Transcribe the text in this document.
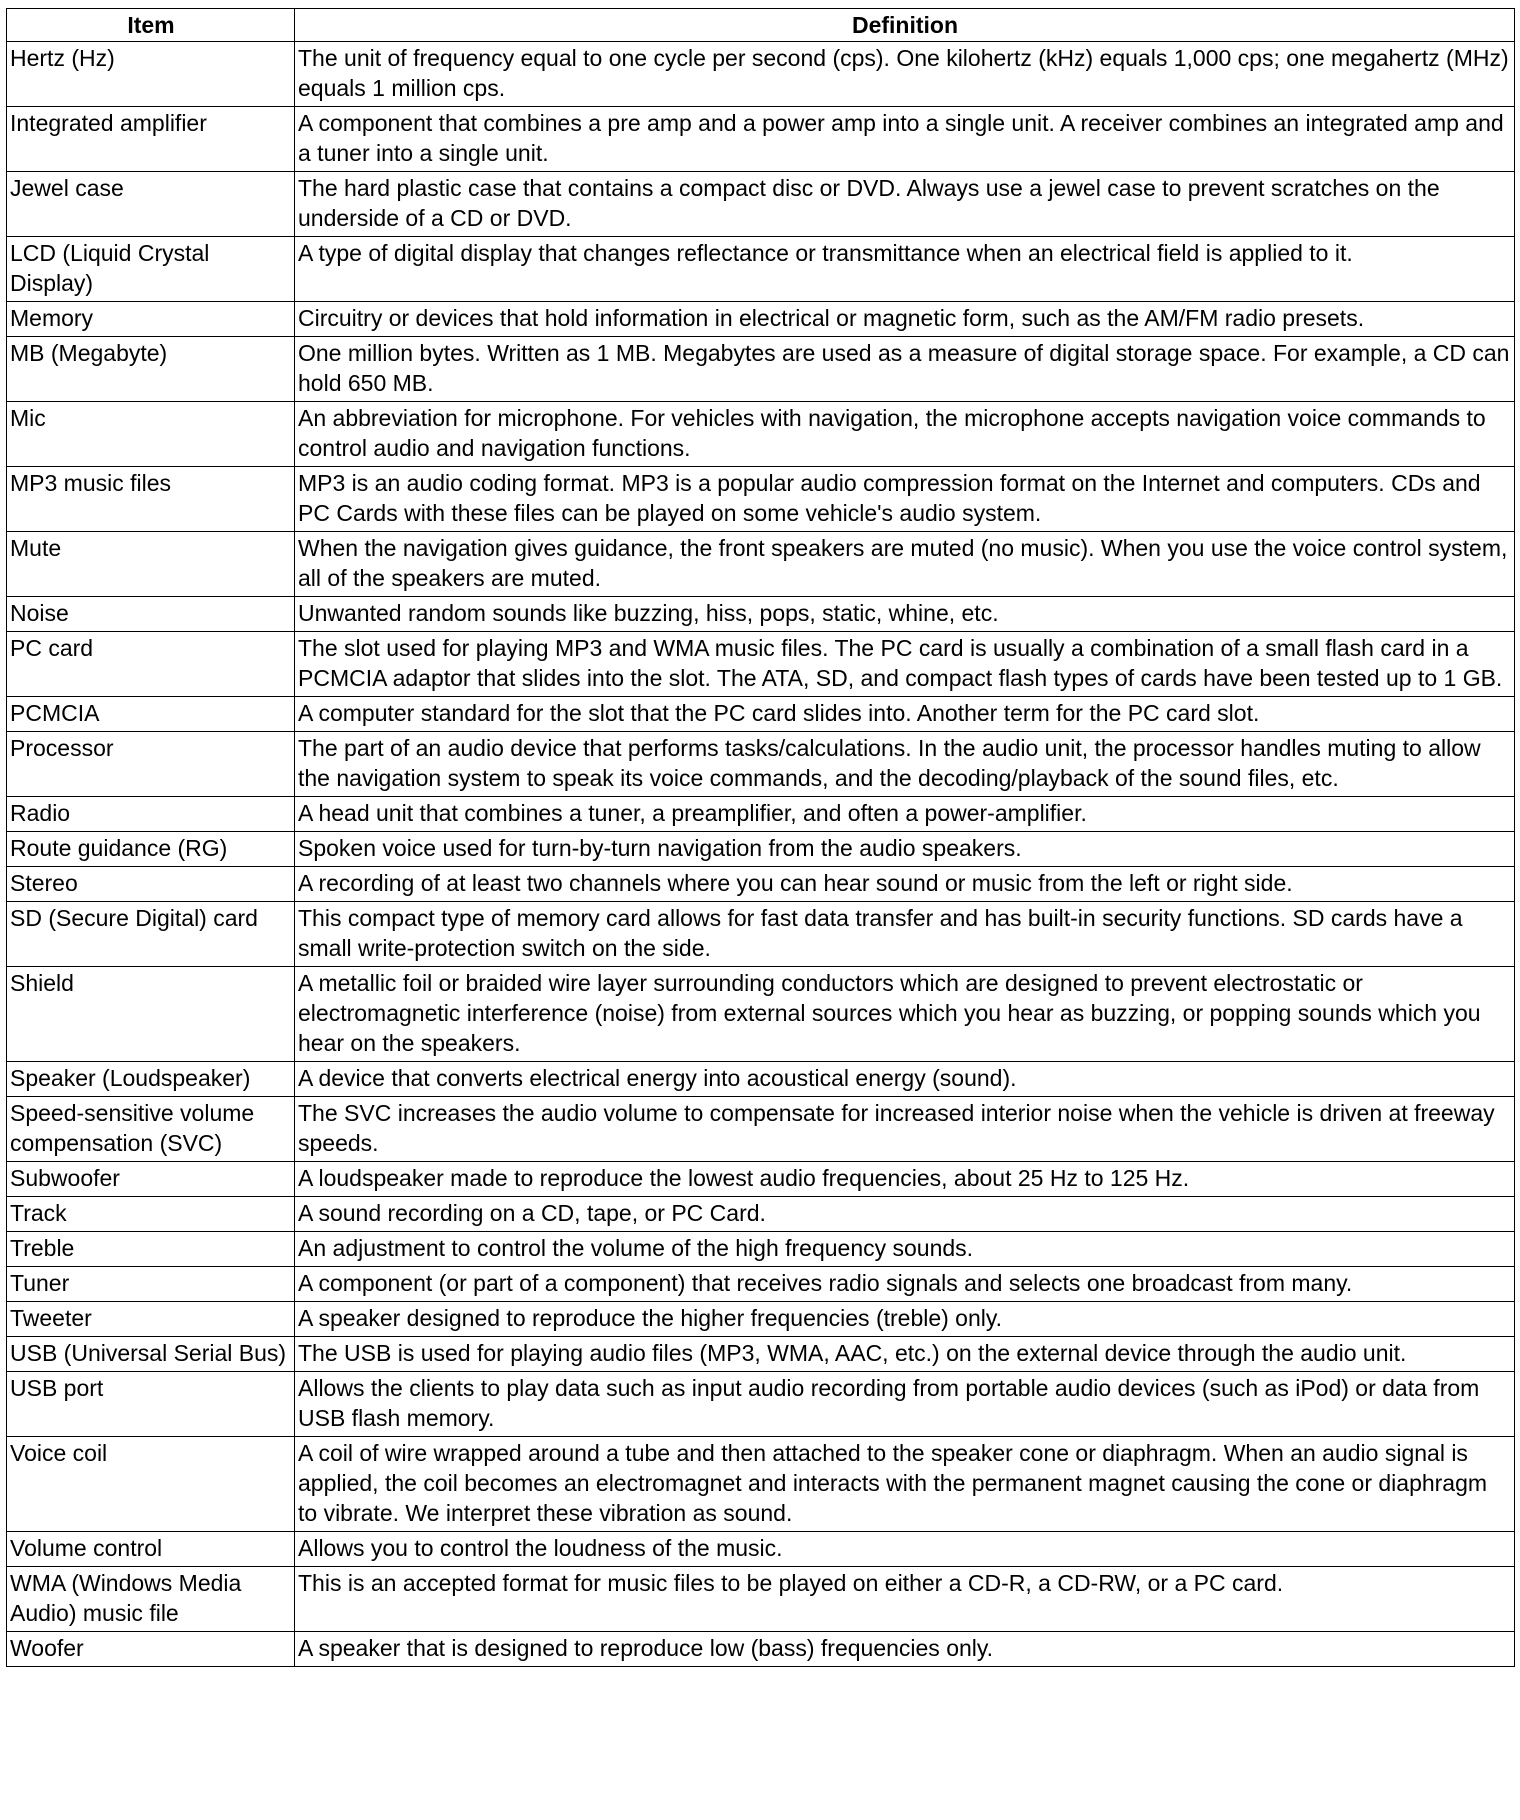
Item	Definition
Hertz (Hz)	The unit of frequency equal to one cycle per second (cps). One kilohertz (kHz) equals 1,000 cps; one megahertz (MHz) equals 1 million cps.
Integrated amplifier	A component that combines a pre amp and a power amp into a single unit. A receiver combines an integrated amp and a tuner into a single unit.
Jewel case	The hard plastic case that contains a compact disc or DVD. Always use a jewel case to prevent scratches on the underside of a CD or DVD.
LCD (Liquid Crystal Display)	A type of digital display that changes reflectance or transmittance when an electrical field is applied to it.
Memory	Circuitry or devices that hold information in electrical or magnetic form, such as the AM/FM radio presets.
MB (Megabyte)	One million bytes. Written as 1 MB. Megabytes are used as a measure of digital storage space. For example, a CD can hold 650 MB.
Mic	An abbreviation for microphone. For vehicles with navigation, the microphone accepts navigation voice commands to control audio and navigation functions.
MP3 music files	MP3 is an audio coding format. MP3 is a popular audio compression format on the Internet and computers. CDs and PC Cards with these files can be played on some vehicle's audio system.
Mute	When the navigation gives guidance, the front speakers are muted (no music). When you use the voice control system, all of the speakers are muted.
Noise	Unwanted random sounds like buzzing, hiss, pops, static, whine, etc.
PC card	The slot used for playing MP3 and WMA music files. The PC card is usually a combination of a small flash card in a PCMCIA adaptor that slides into the slot. The ATA, SD, and compact flash types of cards have been tested up to 1 GB.
PCMCIA	A computer standard for the slot that the PC card slides into. Another term for the PC card slot.
Processor	The part of an audio device that performs tasks/calculations. In the audio unit, the processor handles muting to allow the navigation system to speak its voice commands, and the decoding/playback of the sound files, etc.
Radio	A head unit that combines a tuner, a preamplifier, and often a power-amplifier.
Route guidance (RG)	Spoken voice used for turn-by-turn navigation from the audio speakers.
Stereo	A recording of at least two channels where you can hear sound or music from the left or right side.
SD (Secure Digital) card	This compact type of memory card allows for fast data transfer and has built-in security functions. SD cards have a small write-protection switch on the side.
Shield	A metallic foil or braided wire layer surrounding conductors which are designed to prevent electrostatic or electromagnetic interference (noise) from external sources which you hear as buzzing, or popping sounds which you hear on the speakers.
Speaker (Loudspeaker)	A device that converts electrical energy into acoustical energy (sound).
Speed-sensitive volume compensation (SVC)	The SVC increases the audio volume to compensate for increased interior noise when the vehicle is driven at freeway speeds.
Subwoofer	A loudspeaker made to reproduce the lowest audio frequencies, about 25 Hz to 125 Hz.
Track	A sound recording on a CD, tape, or PC Card.
Treble	An adjustment to control the volume of the high frequency sounds.
Tuner	A component (or part of a component) that receives radio signals and selects one broadcast from many.
Tweeter	A speaker designed to reproduce the higher frequencies (treble) only.
USB (Universal Serial Bus)	The USB is used for playing audio files (MP3, WMA, AAC, etc.) on the external device through the audio unit.
USB port	Allows the clients to play data such as input audio recording from portable audio devices (such as iPod) or data from USB flash memory.
Voice coil	A coil of wire wrapped around a tube and then attached to the speaker cone or diaphragm. When an audio signal is applied, the coil becomes an electromagnet and interacts with the permanent magnet causing the cone or diaphragm to vibrate. We interpret these vibration as sound.
Volume control	Allows you to control the loudness of the music.
WMA (Windows Media Audio) music file	This is an accepted format for music files to be played on either a CD-R, a CD-RW, or a PC card.
Woofer	A speaker that is designed to reproduce low (bass) frequencies only.
